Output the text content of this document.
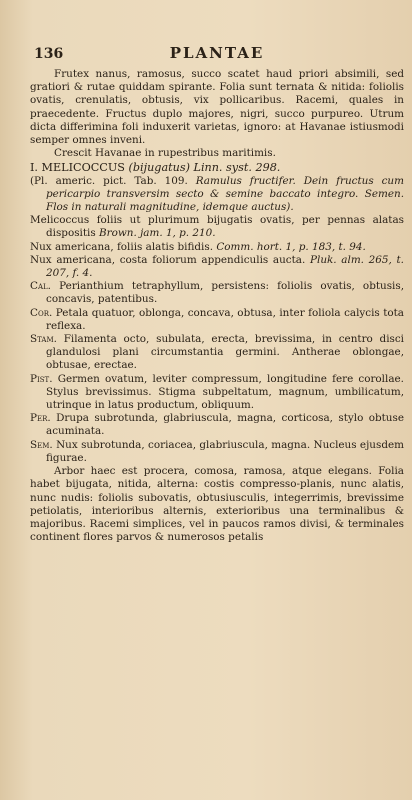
136	PLANTAE

Frutex nanus, ramosus, succo scatet haud priori absimili, sed gratiori & rutae quiddam spirante. Folia sunt ternata & nitida: foliolis ovatis, crenulatis, obtusis, vix pollicaribus. Racemi, quales in praecedente. Fructus duplo majores, nigri, succo purpureo. Utrum dicta differimina foli induxerit varietas, ignoro: at Havanae istiusmodi semper omnes inveni.

Crescit Havanae in rupestribus maritimis.

I. MELICOCCUS (bijugatus) Linn. syst. 298.

(Pl. americ. pict. Tab. 109. Ramulus fructifer. Dein fructus cum pericarpio transversim secto & semine baccato integro. Semen. Flos in naturali magnitudine, idemque auctus).

Melicoccus foliis ut plurimum bijugatis ovatis, per pennas alatas dispositis Brown. jam. 1, p. 210.

Nux americana, foliis alatis bifidis. Comm. hort. 1, p. 183, t. 94.

Nux americana, costa foliorum appendiculis aucta. Pluk. alm. 265, t. 207, f. 4.

Cal. Perianthium tetraphyllum, persistens: foliolis ovatis, obtusis, concavis, patentibus.

Cor. Petala quatuor, oblonga, concava, obtusa, inter foliola calycis tota reflexa.

Stam. Filamenta octo, subulata, erecta, brevissima, in centro disci glandulosi plani circumstantia germini. Antherae oblongae, obtusae, erectae.

Pist. Germen ovatum, leviter compressum, longitudine fere corollae. Stylus brevissimus. Stigma subpeltatum, magnum, umbilicatum, utrinque in latus productum, obliquum.

Per. Drupa subrotunda, glabriuscula, magna, corticosa, stylo obtuse acuminata.

Sem. Nux subrotunda, coriacea, glabriuscula, magna. Nucleus ejusdem figurae.

Arbor haec est procera, comosa, ramosa, atque elegans. Folia habet bijugata, nitida, alterna: costis compresso-planis, nunc alatis, nunc nudis: foliolis subovatis, obtusiusculis, integerrimis, brevissime petiolatis, interioribus alternis, exterioribus una terminalibus & majoribus. Racemi simplices, vel in paucos ramos divisi, & terminales continent flores parvos & numerosos petalis
